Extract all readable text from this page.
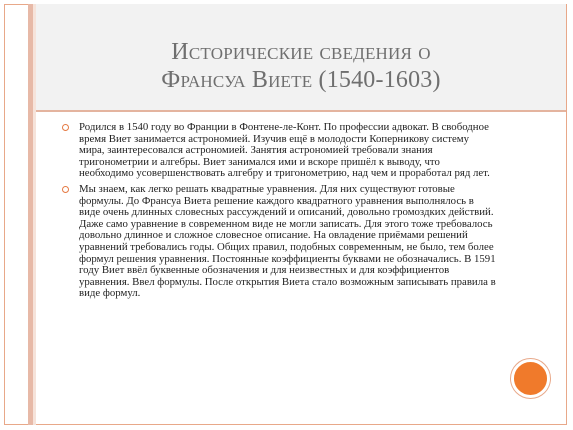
Исторические сведения о
Франсуа Виете (1540-1603)
Родился в 1540 году во Франции в Фонтене-ле-Конт. По профессии адвокат. В свободное время Виет занимается астрономией. Изучив ещё в молодости Коперникову систему мира, заинтересовался астрономией. Занятия астрономией требовали знания тригонометрии и алгебры. Виет занимался ими и вскоре пришёл к выводу, что необходимо усовершенствовать алгебру и тригонометрию, над чем и проработал ряд лет.
Мы знаем, как легко решать квадратные уравнения. Для них существуют готовые формулы. До Франсуа Виета решение каждого квадратного уравнения выполнялось в виде очень длинных словесных рассуждений и описаний, довольно громоздких действий. Даже само уравнение в современном виде не могли записать. Для этого тоже требовалось довольно длинное и сложное словесное описание. На овладение приёмами решений уравнений требовались годы. Общих правил, подобных современным, не было, тем более формул решения уравнения. Постоянные коэффициенты буквами не обозначались. В 1591 году Виет ввёл буквенные обозначения и для неизвестных и для коэффициентов уравнения. Ввел формулы. После открытия Виета стало возможным записывать правила в виде формул.
